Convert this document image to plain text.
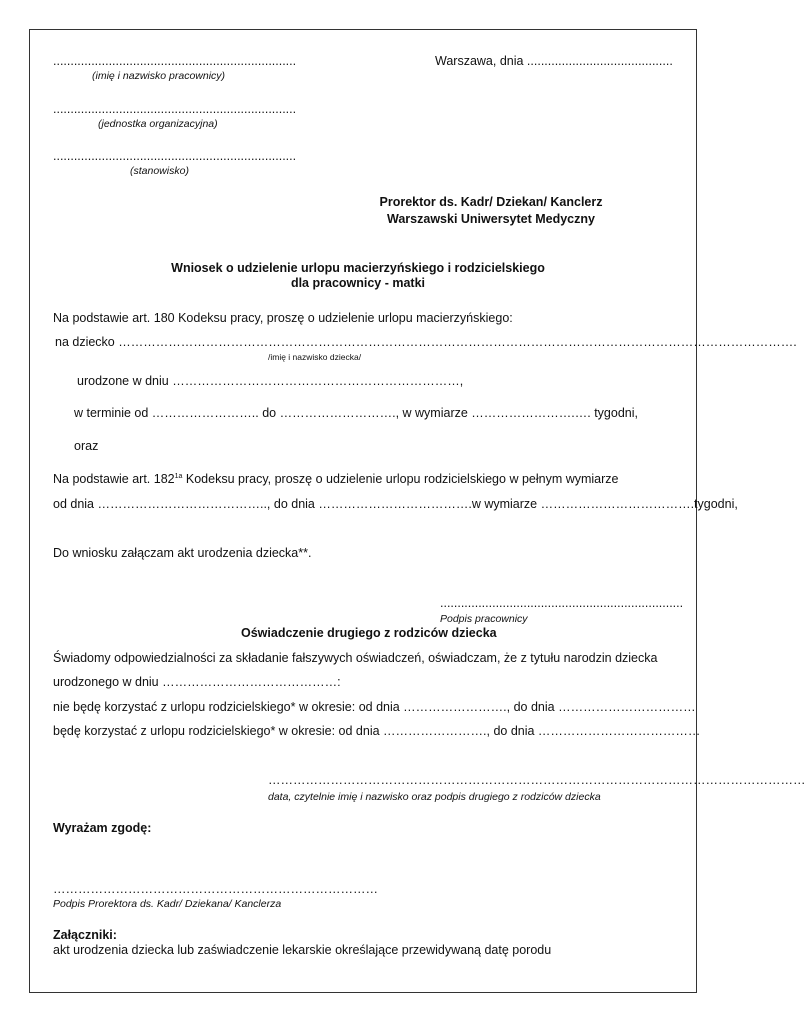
......................................................................
(imię i nazwisko pracownicy)
......................................................................
(jednostka organizacyjna)
......................................................................
(stanowisko)
Warszawa, dnia ..........................................
Prorektor ds. Kadr/ Dziekan/ Kanclerz
Warszawski Uniwersytet Medyczny
Wniosek o udzielenie urlopu macierzyńskiego i rodzicielskiego
dla pracownicy - matki
Na podstawie art. 180 Kodeksu pracy, proszę o udzielenie urlopu macierzyńskiego:
na dziecko ……………………………………………………………………………………………………………………………………………….
/imię i nazwisko dziecka/
urodzone w dniu ……………………………………………………………,
w terminie od …………………….. do ………………………., w wymiarze …………………….…. tygodni,
oraz
Na podstawie art. $182^{1a}$ Kodeksu pracy, proszę o udzielenie urlopu rodzicielskiego w pełnym wymiarze
od dnia ………………………………….., do dnia ……………………………….w wymiarze ……………………………….tygodni,
Do wniosku załączam akt urodzenia dziecka**.
......................................................................
Podpis pracownicy
Oświadczenie drugiego z rodziców dziecka
Świadomy odpowiedzialności za składanie fałszywych oświadczeń, oświadczam, że z tytułu narodzin dziecka
urodzonego w dniu ……………………………………:
nie będę korzystać z urlopu rodzicielskiego* w okresie: od dnia ……………………., do dnia ……………………………
będę korzystać z urlopu rodzicielskiego* w okresie: od dnia ……………………., do dnia …………………………………
…………………………………………………………………………………………………………………
data, czytelnie imię i nazwisko oraz podpis drugiego z rodziców dziecka
Wyrażam zgodę:
……………………………………………………………………
Podpis Prorektora ds. Kadr/ Dziekana/ Kanclerza
Załączniki:
akt urodzenia dziecka lub zaświadczenie lekarskie określające przewidywaną datę porodu
